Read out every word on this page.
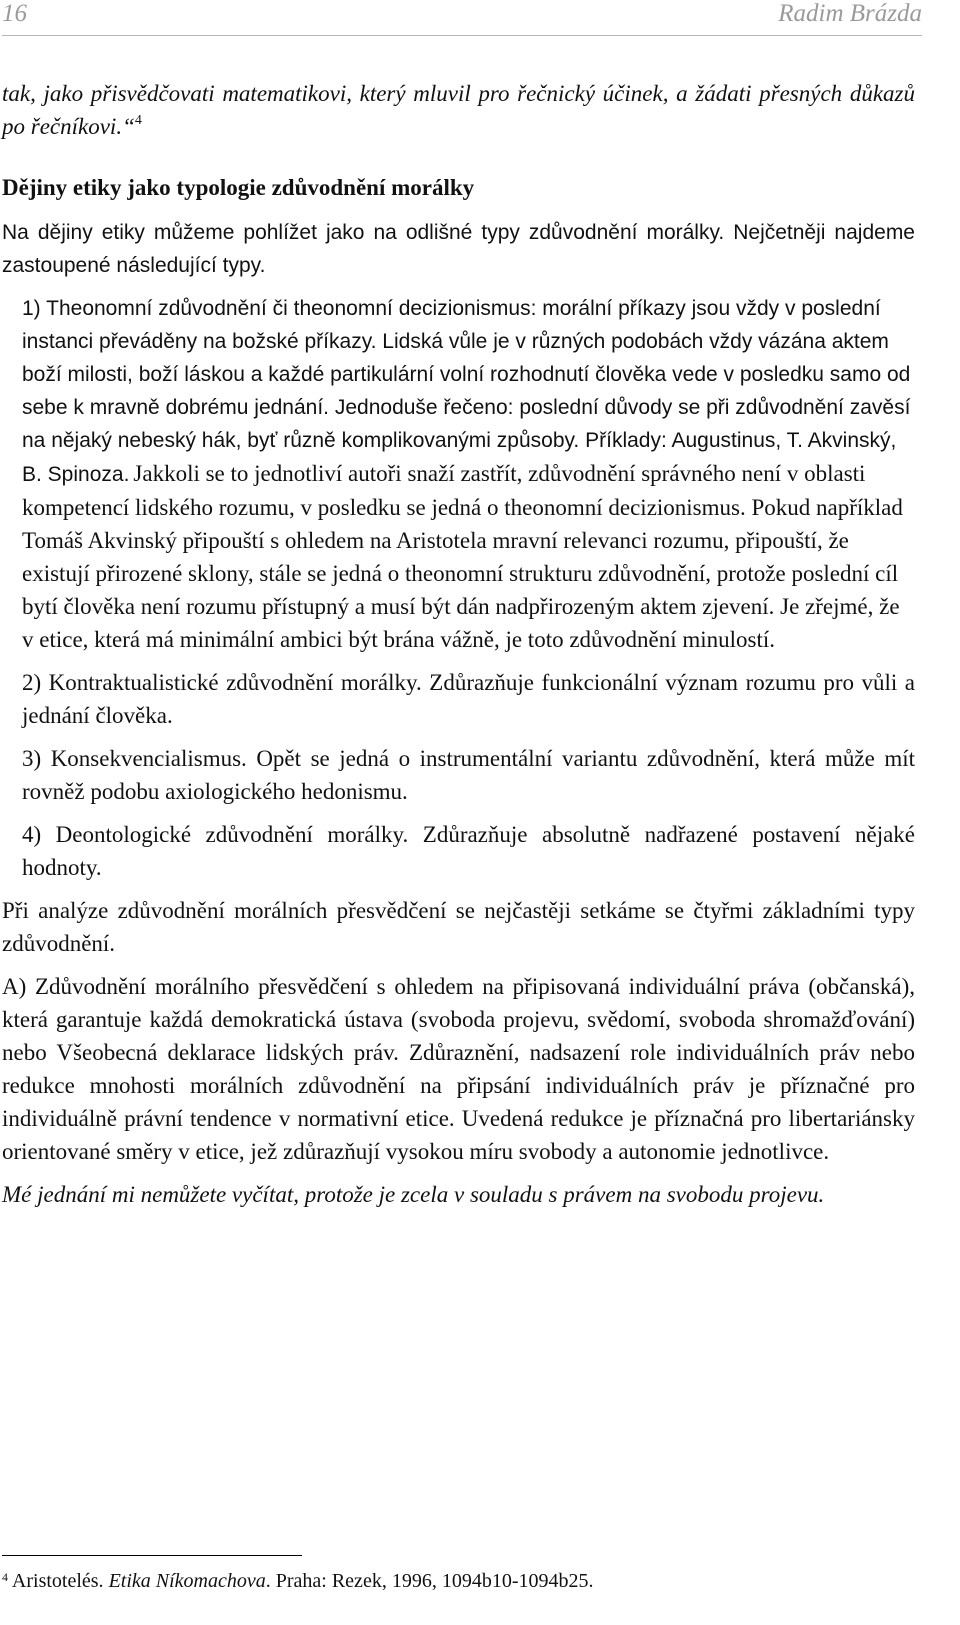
16	Radim Brázda

tak, jako přisvědčovati matematikovi, který mluvil pro řečnický účinek, a žádati přesných důkazů po řečníkovi.“$^4$

Dějiny etiky jako typologie zdůvodnění morálky

Na dějiny etiky můžeme pohlížet jako na odlišné typy zdůvodnění morálky. Nejčetněji najdeme zastoupené následující typy.

1) Theonomní zdůvodnění či theonomní decizionismus: morální příkazy jsou vždy v poslední instanci převáděny na božské příkazy. Lidská vůle je v různých podobách vždy vázána aktem boží milosti, boží láskou a každé partikulární volní rozhodnutí člověka vede v posledku samo od sebe k mravně dobrému jednání. Jednoduše řečeno: poslední důvody se při zdůvodnění zavěsí na nějaký nebeský hák, byť různě komplikovanými způsoby. Příklady: Augustinus, T. Akvinský, B. Spinoza. Jakkoli se to jednotliví autoři snaží zastřít, zdůvodnění správného není v oblasti kompetencí lidského rozumu, v posledku se jedná o theonomní decizionismus. Pokud například Tomáš Akvinský připouští s ohledem na Aristotela mravní relevanci rozumu, připouští, že existují přirozené sklony, stále se jedná o theonomní strukturu zdůvodnění, protože poslední cíl bytí člověka není rozumu přístupný a musí být dán nadpřirozeným aktem zjevení. Je zřejmé, že v etice, která má minimální ambici být brána vážně, je toto zdůvodnění minulostí.

2) Kontraktualistické zdůvodnění morálky. Zdůrazňuje funkcionální význam rozumu pro vůli a jednání člověka.

3) Konsekvencialismus. Opět se jedná o instrumentální variantu zdůvodnění, která může mít rovněž podobu axiologického hedonismu.

4) Deontologické zdůvodnění morálky. Zdůrazňuje absolutně nadřazené postavení nějaké hodnoty.

Při analýze zdůvodnění morálních přesvědčení se nejčastěji setkáme se čtyřmi základními typy zdůvodnění.

A) Zdůvodnění morálního přesvědčení s ohledem na připisovaná individuální práva (občanská), která garantuje každá demokratická ústava (svoboda projevu, svědomí, svoboda shromažďování) nebo Všeobecná deklarace lidských práv. Zdůraznění, nadsazení role individuálních práv nebo redukce mnohosti morálních zdůvodnění na připsání individuálních práv je příznačné pro individuálně právní tendence v normativní etice. Uvedená redukce je příznačná pro libertariánsky orientované směry v etice, jež zdůrazňují vysokou míru svobody a autonomie jednotlivce.

Mé jednání mi nemůžete vyčítat, protože je zcela v souladu s právem na svobodu projevu.

$^4$ Aristotelés. Etika Níkomachova. Praha: Rezek, 1996, 1094b10-1094b25.
